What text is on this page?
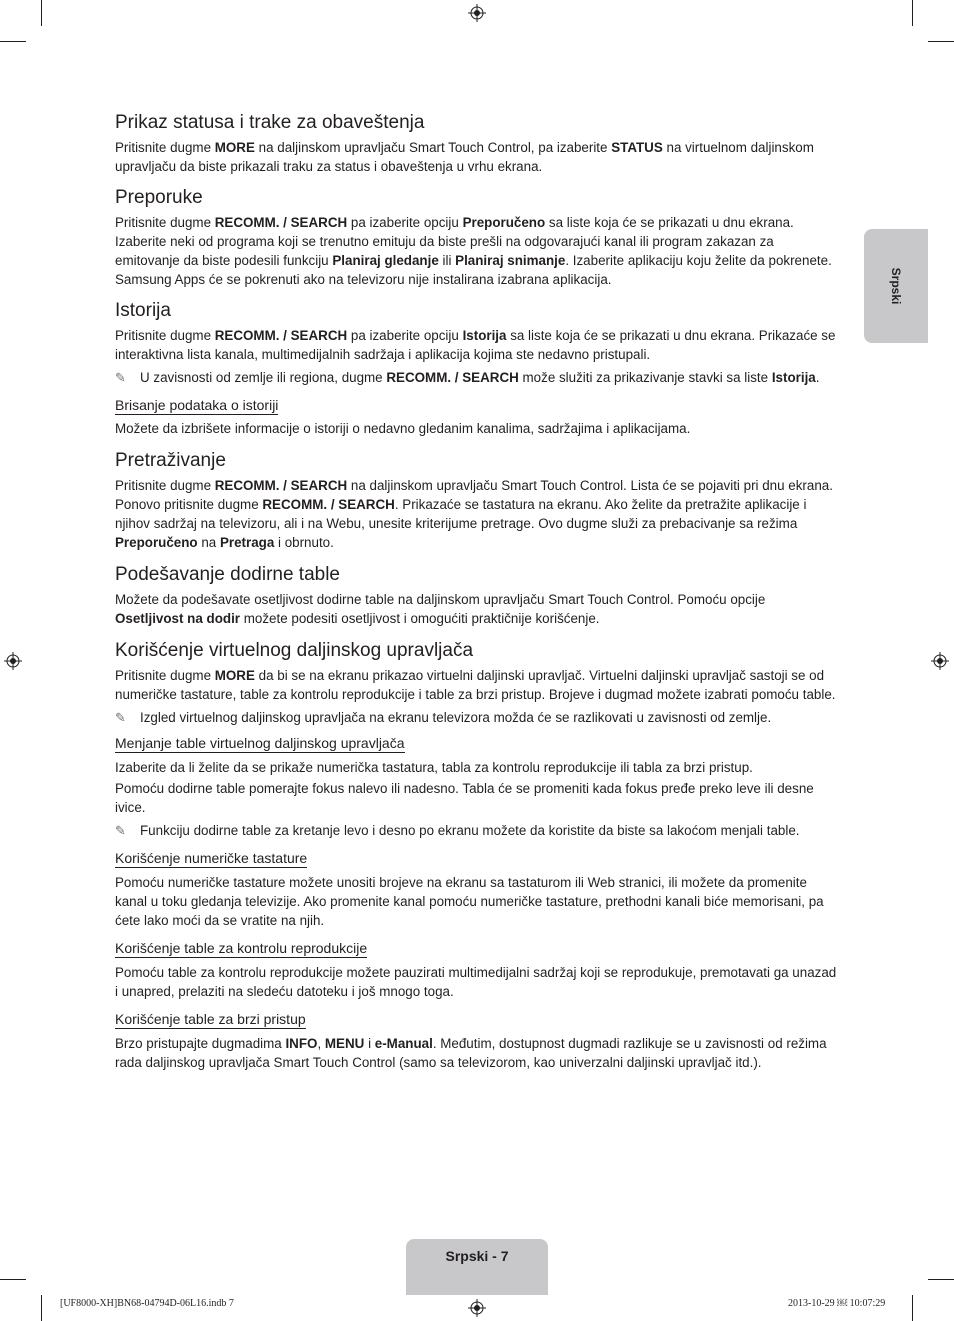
Srpski
Prikaz statusa i trake za obaveštenja

Pritisnite dugme MORE na daljinskom upravljaču Smart Touch Control, pa izaberite STATUS na virtuelnom daljinskom upravljaču da biste prikazali traku za status i obaveštenja u vrhu ekrana.

Preporuke

Pritisnite dugme RECOMM. / SEARCH pa izaberite opciju Preporučeno sa liste koja će se prikazati u dnu ekrana. Izaberite neki od programa koji se trenutno emituju da biste prešli na odgovarajući kanal ili program zakazan za emitovanje da biste podesili funkciju Planiraj gledanje ili Planiraj snimanje. Izaberite aplikaciju koju želite da pokrenete. Samsung Apps će se pokrenuti ako na televizoru nije instalirana izabrana aplikacija.

Istorija

Pritisnite dugme RECOMM. / SEARCH pa izaberite opciju Istorija sa liste koja će se prikazati u dnu ekrana. Prikazaće se interaktivna lista kanala, multimedijalnih sadržaja i aplikacija kojima ste nedavno pristupali.

✎ U zavisnosti od zemlje ili regiona, dugme RECOMM. / SEARCH može služiti za prikazivanje stavki sa liste Istorija.

Brisanje podataka o istoriji

Možete da izbrišete informacije o istoriji o nedavno gledanim kanalima, sadržajima i aplikacijama.

Pretraživanje

Pritisnite dugme RECOMM. / SEARCH na daljinskom upravljaču Smart Touch Control. Lista će se pojaviti pri dnu ekrana. Ponovo pritisnite dugme RECOMM. / SEARCH. Prikazaće se tastatura na ekranu. Ako želite da pretražite aplikacije i njihov sadržaj na televizoru, ali i na Webu, unesite kriterijume pretrage. Ovo dugme služi za prebacivanje sa režima Preporučeno na Pretraga i obrnuto.

Podešavanje dodirne table

Možete da podešavate osetljivost dodirne table na daljinskom upravljaču Smart Touch Control. Pomoću opcije Osetljivost na dodir možete podesiti osetljivost i omogućiti praktičnije korišćenje.

Korišćenje virtuelnog daljinskog upravljača

Pritisnite dugme MORE da bi se na ekranu prikazao virtuelni daljinski upravljač. Virtuelni daljinski upravljač sastoji se od numeričke tastature, table za kontrolu reprodukcije i table za brzi pristup. Brojeve i dugmad možete izabrati pomoću table.

✎ Izgled virtuelnog daljinskog upravljača na ekranu televizora možda će se razlikovati u zavisnosti od zemlje.

Menjanje table virtuelnog daljinskog upravljača

Izaberite da li želite da se prikaže numerička tastatura, tabla za kontrolu reprodukcije ili tabla za brzi pristup.

Pomoću dodirne table pomerajte fokus nalevo ili nadesno. Tabla će se promeniti kada fokus pređe preko leve ili desne ivice.

✎ Funkciju dodirne table za kretanje levo i desno po ekranu možete da koristite da biste sa lakoćom menjali table.

Korišćenje numeričke tastature

Pomoću numeričke tastature možete unositi brojeve na ekranu sa tastaturom ili Web stranici, ili možete da promenite kanal u toku gledanja televizije. Ako promenite kanal pomoću numeričke tastature, prethodni kanali biće memorisani, pa ćete lako moći da se vratite na njih.

Korišćenje table za kontrolu reprodukcije

Pomoću table za kontrolu reprodukcije možete pauzirati multimedijalni sadržaj koji se reprodukuje, premotavati ga unazad i unapred, prelaziti na sledeću datoteku i još mnogo toga.

Korišćenje table za brzi pristup

Brzo pristupajte dugmadima INFO, MENU i e-Manual. Međutim, dostupnost dugmadi razlikuje se u zavisnosti od režima rada daljinskog upravljača Smart Touch Control (samo sa televizorom, kao univerzalni daljinski upravljač itd.).

Srpski - 7
[UF8000-XH]BN68-04794D-06L16.indb 7	2013-10-29 ￼ 10:07:29
